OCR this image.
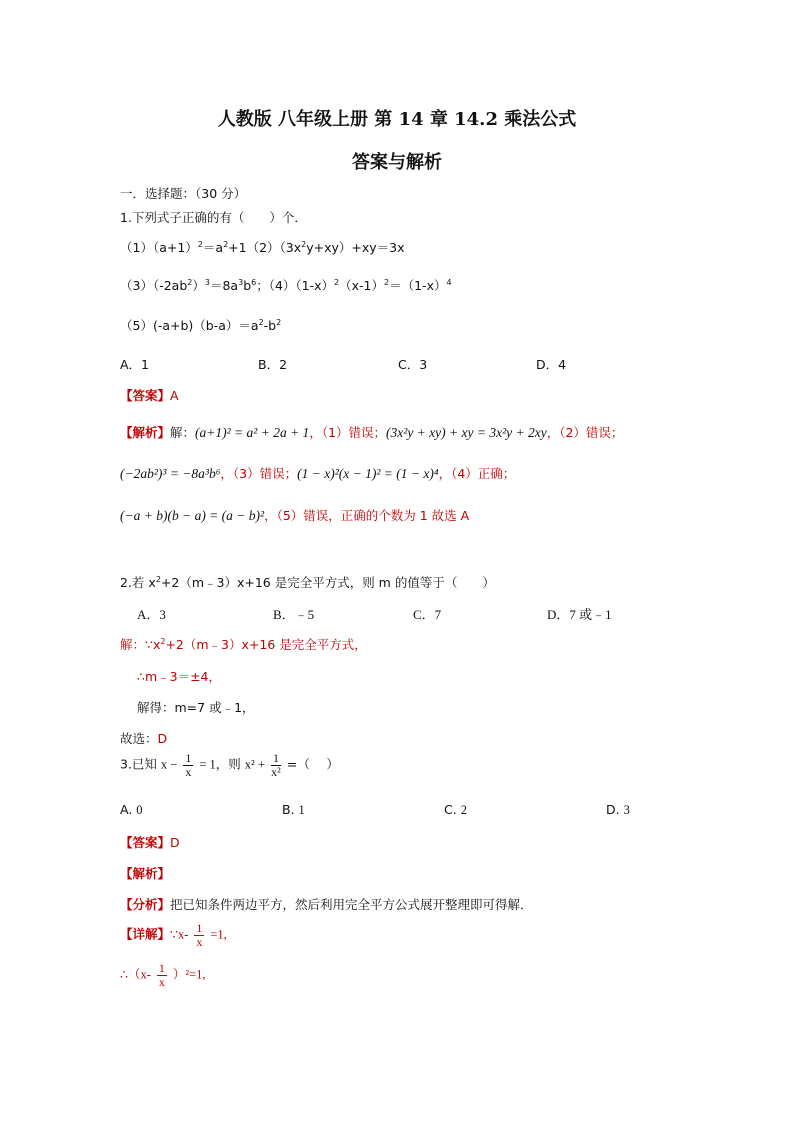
人教版 八年级上册 第 14 章 14.2 乘法公式
答案与解析
一．选择题：（30 分）
1.下列式子正确的有（　　）个．
$(1)(a+1)^2=a^2+1(2)(3x^2y+xy)+xy=3x$
$(3)(-2ab^2)^3=8a^3b^6$；$(4)(1-x)^2(x-1)^2=(1-x)^4$
$(5)(-a+b)(b-a)=a^2-b^2$
A．1	B．2	C．3	D．4
【答案】A
【解析】解：(a+1)² = a² + 2a + 1，（1）错误；(3x²y + xy) + xy = 3x²y + 2xy，（2）错误；
(−2ab²)³ = −8a³b⁶，（3）错误；(1 − x)²(x − 1)² = (1 − x)⁴，（4）正确；
(−a + b)(b − a) = (a − b)²，（5）错误，正确的个数为 1 故选 A
2.若 $x^2+2(m﹣3)x+16$ 是完全平方式，则 m 的值等于（　　）
A．3	B．﹣5	C．7	D．7 或﹣1
解：$\because x^2+2(m﹣3)x+16$ 是完全平方式，
∴m﹣3＝±4，
解得：m=7 或﹣1，
故选：D
3.已知 $x - \frac{1}{x} = 1$，则 $x^2 + \frac{1}{\text{x²}}$ =（　 ）
A. 0	B. 1	C. 2	D. 3
【答案】D
【解析】
【分析】把已知条件两边平方，然后利用完全平方公式展开整理即可得解．
【详解】∵x- $\frac{1}{x} =1$,
∴（x- $\frac{1}{x} )^2=1$,
